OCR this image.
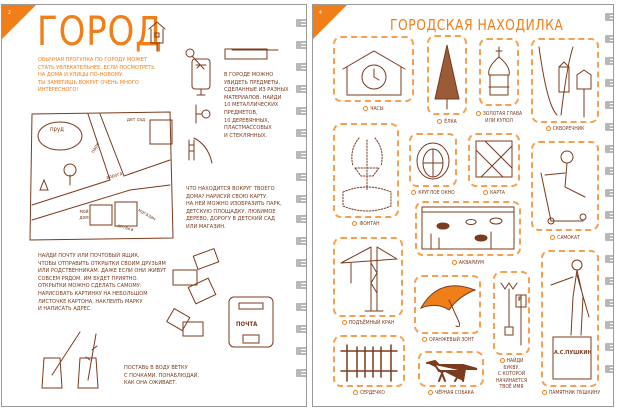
2 ГОРОД
ОБЫЧНАЯ ПРОГУЛКА ПО ГОРОДУ МОЖЕТ
СТАТЬ УВЛЕКАТЕЛЬНЕЕ, ЕСЛИ ПОСМОТРЕТЬ
НА ДОМА И УЛИЦЫ ПО-НОВОМУ.
ТЫ ЗАМЕТИШЬ ВОКРУГ ОЧЕНЬ МНОГО
ИНТЕРЕСНОГО!
В ГОРОДЕ МОЖНО
УВИДЕТЬ ПРЕДМЕТЫ,
СДЕЛАННЫЕ ИЗ РАЗНЫХ
МАТЕРИАЛОВ. НАЙДИ
10 МЕТАЛЛИЧЕСКИХ
ПРЕДМЕТОВ,
10 ДЕРЕВЯННЫХ,
ПЛАСТМАССОВЫХ
И СТЕКЛЯННЫХ.
ЧТО НАХОДИТСЯ ВОКРУГ ТВОЕГО
ДОМА? НАРИСУЙ СВОЮ КАРТУ.
НА НЕЙ МОЖНО ИЗОБРАЗИТЬ ПАРК,
ДЕТСКУЮ ПЛОЩАДКУ, ЛЮБИМОЕ
ДЕРЕВО, ДОРОГУ В ДЕТСКИЙ САД
ИЛИ МАГАЗИН.
НАЙДИ ПОЧТУ ИЛИ ПОЧТОВЫЙ ЯЩИК,
ЧТОБЫ ОТПРАВИТЬ ОТКРЫТКИ СВОИМ ДРУЗЬЯМ
ИЛИ РОДСТВЕННИКАМ. ДАЖЕ ЕСЛИ ОНИ ЖИВУТ
СОВСЕМ РЯДОМ, ИМ БУДЕТ ПРИЯТНО.
ОТКРЫТКИ МОЖНО СДЕЛАТЬ САМОМУ:
НАРИСОВАТЬ КАРТИНКУ НА НЕБОЛЬШОМ
ЛИСТОЧКЕ КАРТОНА, НАКЛЕИТЬ МАРКУ
И НАПИСАТЬ АДРЕС.
ПОСТАВЬ В ВОДУ ВЕТКУ
С ПОЧКАМИ. ПОНАБЛЮДАЙ,
КАК ОНА ОЖИВАЕТ.
пруд
дет сад
парк
дорога
мой дом
аптека
магазин
ПОЧТА
4
ГОРОДСКАЯ НАХОДИЛКА
ЧАСЫ
ЁЛКА
ЗОЛОТАЯ ГЛАВА
ИЛИ КУПОЛ
СКВОРЕЧНИК
ФОНТАН
КРУГЛОЕ ОКНО	КАРТА
САМОКАТ
АКВАРИУМ
ПОДЪЁМНЫЙ КРАН
ОРАНЖЕВЫЙ ЗОНТ
P
НАЙДИ
БУКВУ,
С КОТОРОЙ
НАЧИНАЕТСЯ
ТВОЁ ИМЯ
А.С.ПУШКИН
ПАМЯТНИК ПУШКИНУ
СЕРДЕЧКО	ЧЁРНАЯ СОБАКА
